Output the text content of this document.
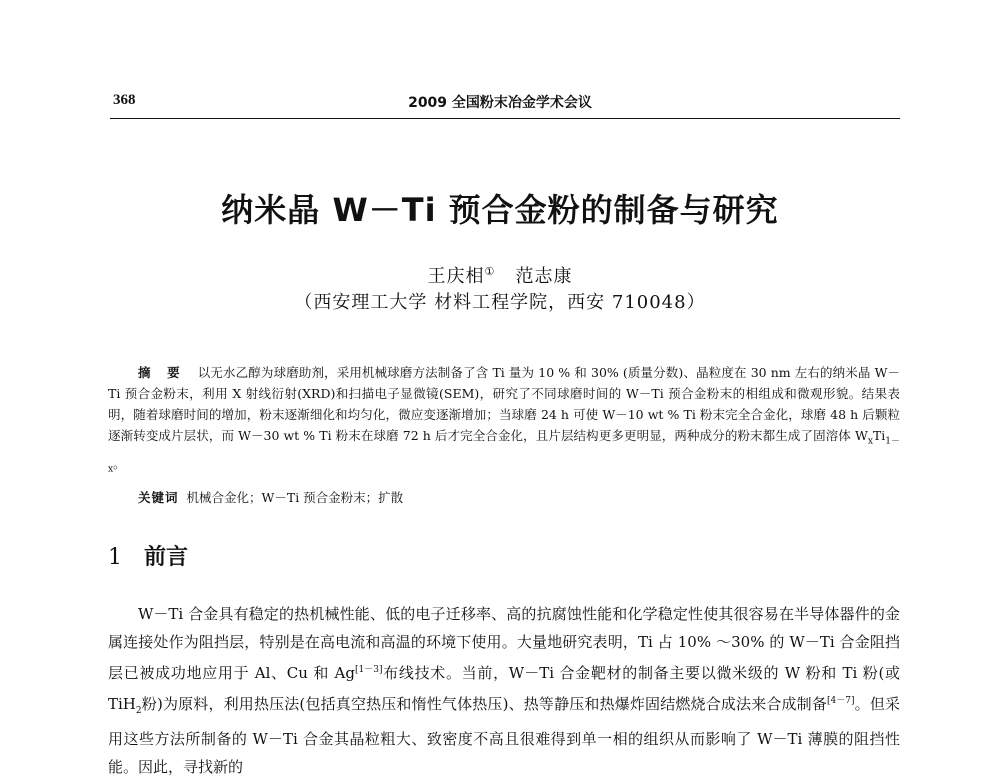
368	2009 全国粉末冶金学术会议
纳米晶 W－Ti 预合金粉的制备与研究
王庆相① 范志康
（西安理工大学 材料工程学院，西安 710048）
摘 要 以无水乙醇为球磨助剂，采用机械球磨方法制备了含 Ti 量为 10 % 和 30% (质量分数)、晶粒度在 30 nm 左右的纳米晶 W－Ti 预合金粉末，利用 X 射线衍射(XRD)和扫描电子显微镜(SEM)，研究了不同球磨时间的 W－Ti 预合金粉末的相组成和微观形貌。结果表明，随着球磨时间的增加，粉末逐渐细化和均匀化，微应变逐渐增加；当球磨 24 h 可使 W－10 wt % Ti 粉末完全合金化，球磨 48 h 后颗粒逐渐转变成片层状，而 W－30 wt % Ti 粉末在球磨 72 h 后才完全合金化，且片层结构更多更明显，两种成分的粉末都生成了固溶体 $W_xTi_{1-x}$。
关键词 机械合金化；W－Ti 预合金粉末；扩散
1 前言
W－Ti 合金具有稳定的热机械性能、低的电子迁移率、高的抗腐蚀性能和化学稳定性使其很容易在半导体器件的金属连接处作为阻挡层，特别是在高电流和高温的环境下使用。大量地研究表明，Ti 占 10% ～30% 的 W－Ti 合金阻挡层已被成功地应用于 Al、Cu 和 Ag[1－3]布线技术。当前，W－Ti 合金靶材的制备主要以微米级的 W 粉和 Ti 粉(或 TiH$_2$粉)为原料，利用热压法(包括真空热压和惰性气体热压)、热等静压和热爆炸固结燃烧合成法来合成制备[4－7]。但采用这些方法所制备的 W－Ti 合金其晶粒粗大、致密度不高且很难得到单一相的组织从而影响了 W－Ti 薄膜的阻挡性能。因此，寻找新的
